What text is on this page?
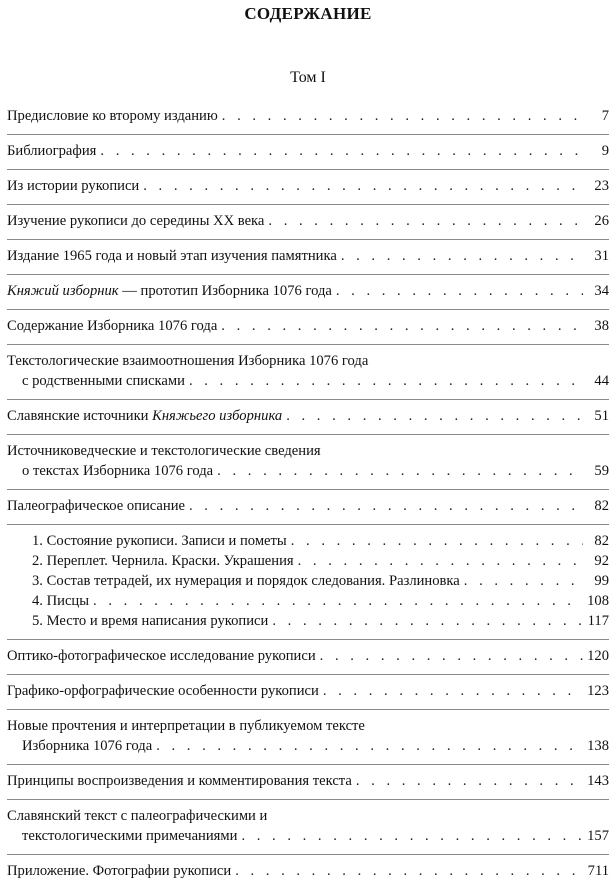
СОДЕРЖАНИЕ
Том I
Предисловие ко второму изданию . . .	7
Библиография . . .	9
Из истории рукописи . . .	23
Изучение рукописи до середины XX века . . .	26
Издание 1965 года и новый этап изучения памятника . . .	31
Княжий изборник — прототип Изборника 1076 года . . .	34
Содержание Изборника 1076 года . . .	38
Текстологические взаимоотношения Изборника 1076 года
с родственными списками . . .	44
Славянские источники Княжьего изборника . . .	51
Источниковедческие и текстологические сведения
о текстах Изборника 1076 года . . .	59
Палеографическое описание . . .	82
1. Состояние рукописи. Записи и пометы . . .	82
2. Переплет. Чернила. Краски. Украшения . . .	92
3. Состав тетрадей, их нумерация и порядок следования. Разлиновка . . .	99
4. Писцы . . .	108
5. Место и время написания рукописи . . .	117
Оптико-фотографическое исследование рукописи . . .	120
Графико-орфографические особенности рукописи . . .	123
Новые прочтения и интерпретации в публикуемом тексте
Изборника 1076 года . . .	138
Принципы воспроизведения и комментирования текста . . .	143
Славянский текст с палеографическими и
текстологическими примечаниями . . .	157
Приложение. Фотографии рукописи . . .	711
